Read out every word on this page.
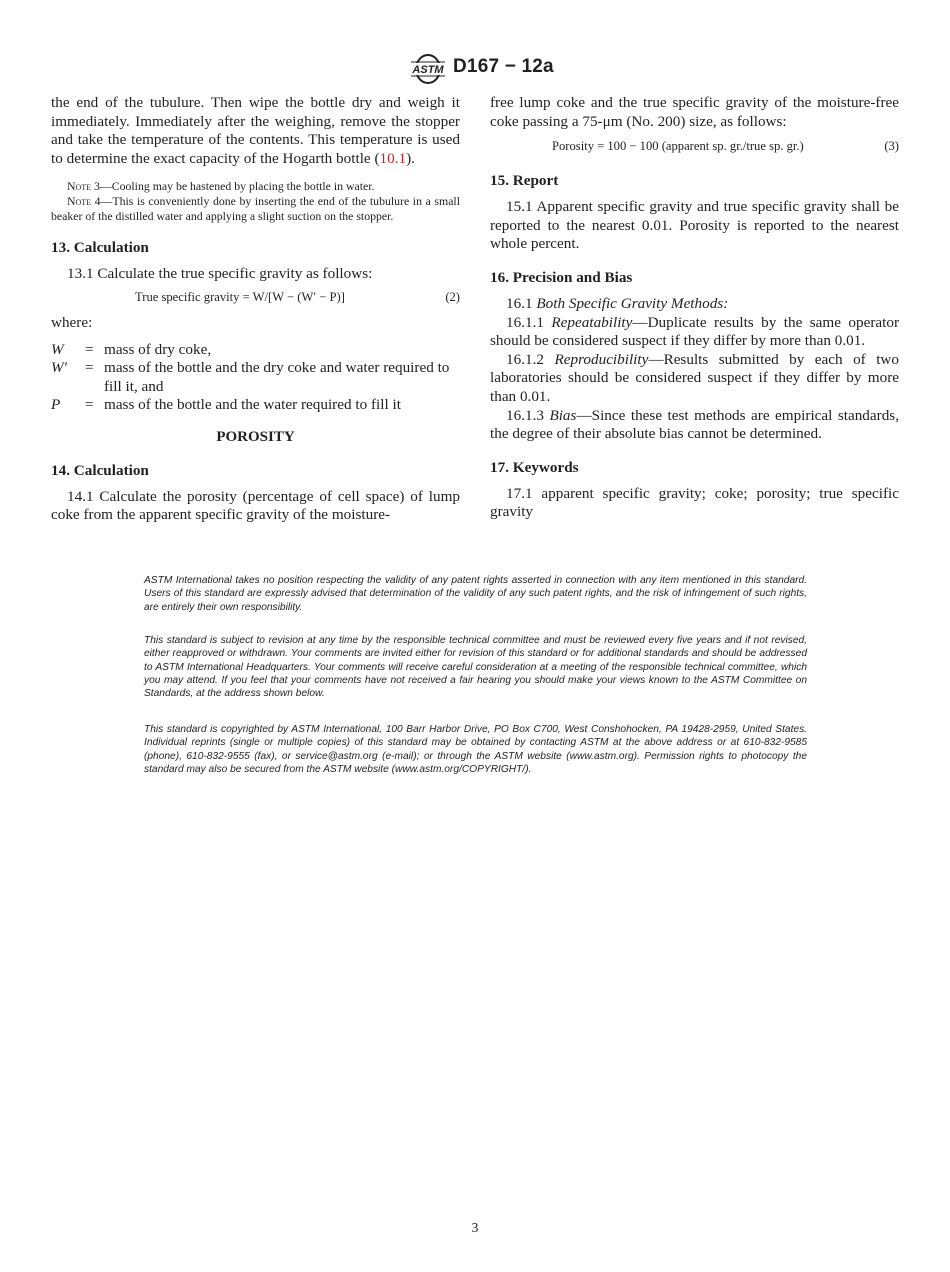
ASTM D167 − 12a

the end of the tubulure. Then wipe the bottle dry and weigh it immediately. Immediately after the weighing, remove the stopper and take the temperature of the contents. This temperature is used to determine the exact capacity of the Hogarth bottle (10.1).

Note 3—Cooling may be hastened by placing the bottle in water.

Note 4—This is conveniently done by inserting the end of the tubulure in a small beaker of the distilled water and applying a slight suction on the stopper.

13. Calculation

13.1 Calculate the true specific gravity as follows:

True specific gravity = W/[W − (W′ − P)]	(2)

where:

W = mass of dry coke,
W′ = mass of the bottle and the dry coke and water required to fill it, and
P = mass of the bottle and the water required to fill it
POROSITY
14. Calculation

14.1 Calculate the porosity (percentage of cell space) of lump coke from the apparent specific gravity of the moisture-

free lump coke and the true specific gravity of the moisture-free coke passing a 75-μm (No. 200) size, as follows:

Porosity = 100 − 100 (apparent sp. gr./true sp. gr.)	(3)
15. Report

15.1 Apparent specific gravity and true specific gravity shall be reported to the nearest 0.01. Porosity is reported to the nearest whole percent.

16. Precision and Bias

16.1 Both Specific Gravity Methods:

16.1.1 Repeatability—Duplicate results by the same operator should be considered suspect if they differ by more than 0.01.

16.1.2 Reproducibility—Results submitted by each of two laboratories should be considered suspect if they differ by more than 0.01.

16.1.3 Bias—Since these test methods are empirical standards, the degree of their absolute bias cannot be determined.

17. Keywords

17.1 apparent specific gravity; coke; porosity; true specific gravity

ASTM International takes no position respecting the validity of any patent rights asserted in connection with any item mentioned in this standard. Users of this standard are expressly advised that determination of the validity of any such patent rights, and the risk of infringement of such rights, are entirely their own responsibility.

This standard is subject to revision at any time by the responsible technical committee and must be reviewed every five years and if not revised, either reapproved or withdrawn. Your comments are invited either for revision of this standard or for additional standards and should be addressed to ASTM International Headquarters. Your comments will receive careful consideration at a meeting of the responsible technical committee, which you may attend. If you feel that your comments have not received a fair hearing you should make your views known to the ASTM Committee on Standards, at the address shown below.

This standard is copyrighted by ASTM International, 100 Barr Harbor Drive, PO Box C700, West Conshohocken, PA 19428-2959, United States. Individual reprints (single or multiple copies) of this standard may be obtained by contacting ASTM at the above address or at 610-832-9585 (phone), 610-832-9555 (fax), or service@astm.org (e-mail); or through the ASTM website (www.astm.org). Permission rights to photocopy the standard may also be secured from the ASTM website (www.astm.org/COPYRIGHT/).

3
